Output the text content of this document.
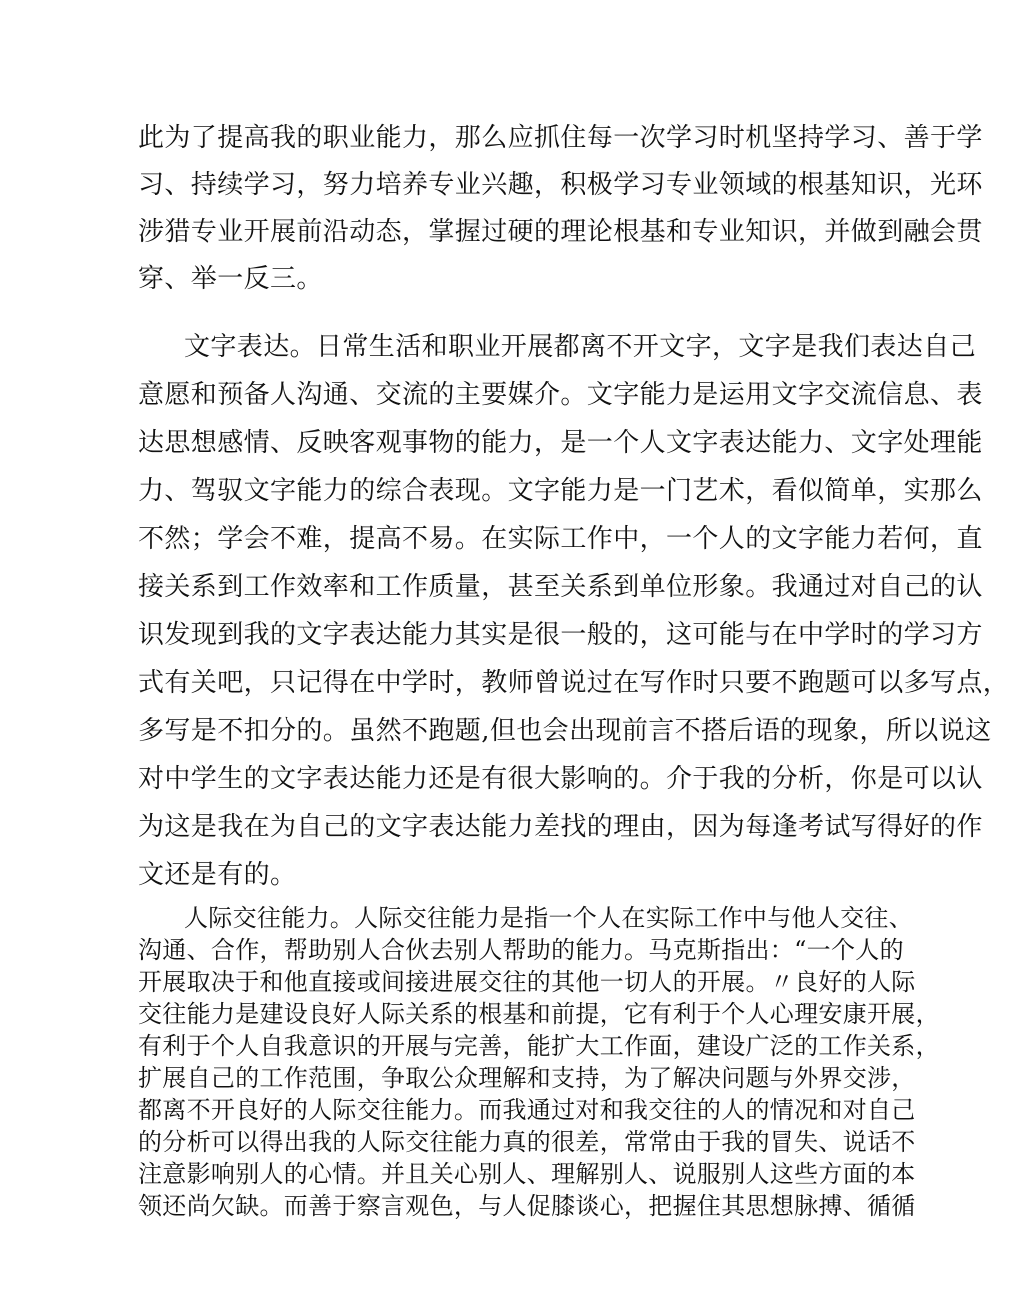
此为了提高我的职业能力，那么应抓住每一次学习时机坚持学习、善于学
习、持续学习，努力培养专业兴趣，积极学习专业领域的根基知识，光环
涉猎专业开展前沿动态，掌握过硬的理论根基和专业知识，并做到融会贯
穿、举一反三。
文字表达。日常生活和职业开展都离不开文字，文字是我们表达自己
意愿和预备人沟通、交流的主要媒介。文字能力是运用文字交流信息、表
达思想感情、反映客观事物的能力，是一个人文字表达能力、文字处理能
力、驾驭文字能力的综合表现。文字能力是一门艺术，看似简单，实那么
不然；学会不难，提高不易。在实际工作中，一个人的文字能力若何，直
接关系到工作效率和工作质量，甚至关系到单位形象。我通过对自己的认
识发现到我的文字表达能力其实是很一般的，这可能与在中学时的学习方
式有关吧，只记得在中学时，教师曾说过在写作时只要不跑题可以多写点，
多写是不扣分的。虽然不跑题,但也会出现前言不搭后语的现象，所以说这
对中学生的文字表达能力还是有很大影响的。介于我的分析，你是可以认
为这是我在为自己的文字表达能力差找的理由，因为每逢考试写得好的作
文还是有的。
人际交往能力。人际交往能力是指一个人在实际工作中与他人交往、
沟通、合作，帮助别人合伙去别人帮助的能力。马克斯指出：“一个人的
开展取决于和他直接或间接进展交往的其他一切人的开展。〃良好的人际
交往能力是建设良好人际关系的根基和前提，它有利于个人心理安康开展，
有利于个人自我意识的开展与完善，能扩大工作面，建设广泛的工作关系，
扩展自己的工作范围，争取公众理解和支持，为了解决问题与外界交涉，
都离不开良好的人际交往能力。而我通过对和我交往的人的情况和对自己
的分析可以得出我的人际交往能力真的很差，常常由于我的冒失、说话不
注意影响别人的心情。并且关心别人、理解别人、说服别人这些方面的本
领还尚欠缺。而善于察言观色，与人促膝谈心，把握住其思想脉搏、循循
